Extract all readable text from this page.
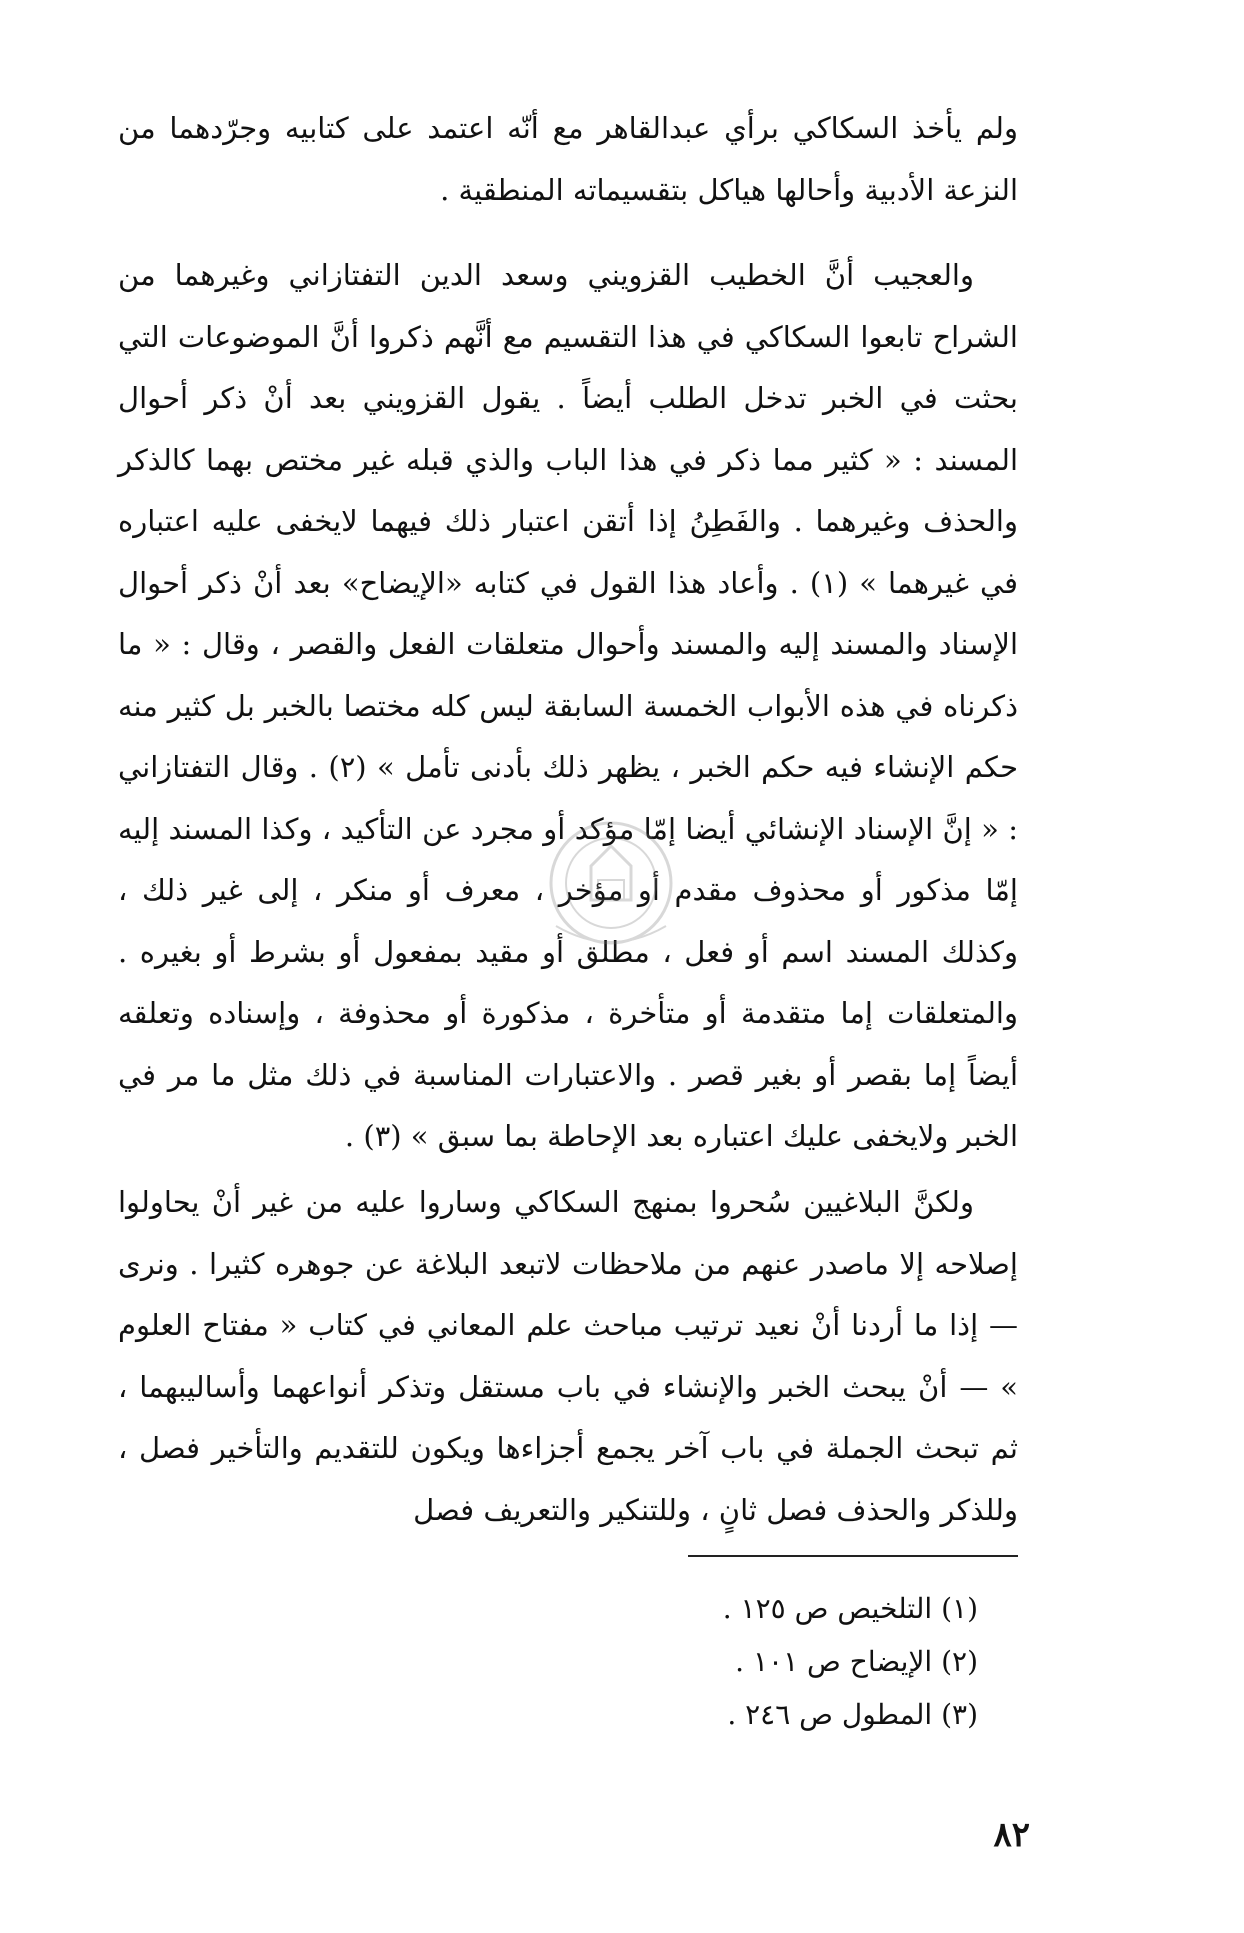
ولم يأخذ السكاكي برأي عبدالقاهر مع أنّه اعتمد على كتابيه وجرّدهما من النزعة الأدبية وأحالها هياكل بتقسيماته المنطقية .

والعجيب أنَّ الخطيب القزويني وسعد الدين التفتازاني وغيرهما من الشراح تابعوا السكاكي في هذا التقسيم مع أنَّهم ذكروا أنَّ الموضوعات التي بحثت في الخبر تدخل الطلب أيضاً . يقول القزويني بعد أنْ ذكر أحوال المسند : « كثير مما ذكر في هذا الباب والذي قبله غير مختص بهما كالذكر والحذف وغيرهما . والفَطِنُ إذا أتقن اعتبار ذلك فيهما لايخفى عليه اعتباره في غيرهما » (١) . وأعاد هذا القول في كتابه «الإيضاح» بعد أنْ ذكر أحوال الإسناد والمسند إليه والمسند وأحوال متعلقات الفعل والقصر ، وقال : « ما ذكرناه في هذه الأبواب الخمسة السابقة ليس كله مختصا بالخبر بل كثير منه حكم الإنشاء فيه حكم الخبر ، يظهر ذلك بأدنى تأمل » (٢) . وقال التفتازاني : « إنَّ الإسناد الإنشائي أيضا إمّا مؤكد أو مجرد عن التأكيد ، وكذا المسند إليه إمّا مذكور أو محذوف مقدم أو مؤخر ، معرف أو منكر ، إلى غير ذلك ، وكذلك المسند اسم أو فعل ، مطلق أو مقيد بمفعول أو بشرط أو بغيره . والمتعلقات إما متقدمة أو متأخرة ، مذكورة أو محذوفة ، وإسناده وتعلقه أيضاً إما بقصر أو بغير قصر . والاعتبارات المناسبة في ذلك مثل ما مر في الخبر ولايخفى عليك اعتباره بعد الإحاطة بما سبق » (٣) .

ولكنَّ البلاغيين سُحروا بمنهج السكاكي وساروا عليه من غير أنْ يحاولوا إصلاحه إلا ماصدر عنهم من ملاحظات لاتبعد البلاغة عن جوهره كثيرا . ونرى — إذا ما أردنا أنْ نعيد ترتيب مباحث علم المعاني في كتاب « مفتاح العلوم » — أنْ يبحث الخبر والإنشاء في باب مستقل وتذكر أنواعهما وأساليبهما ، ثم تبحث الجملة في باب آخر يجمع أجزاءها ويكون للتقديم والتأخير فصل ، وللذكر والحذف فصل ثانٍ ، وللتنكير والتعريف فصل

(١) التلخيص ص ١٢٥ .
(٢) الإيضاح ص ١٠١ .
(٣) المطول ص ٢٤٦ .
٨٢
